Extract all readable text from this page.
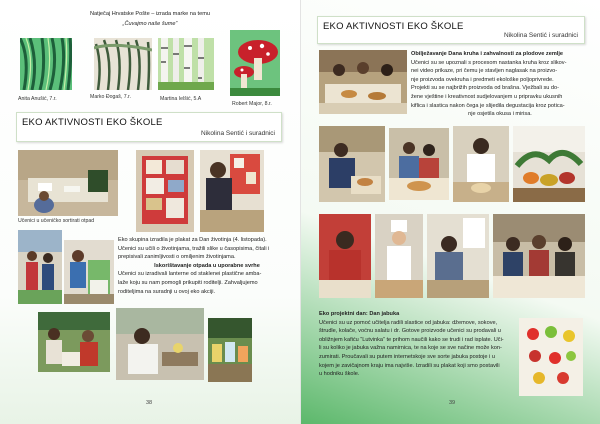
Natječaj Hrvatske Pošte – izrada marke na temu
„Čuvajmo naše šume“
Anita Anušić, 7.r.	Marko Đogaš, 7.r.	Martina Ielšić, 5.A
Robert Major, 8.r.
EKO AKTIVNOSTI EKO ŠKOLE
Nikolina Sentić i suradnici
Učenici u učeničko sortirati otpad
Eko skupina izradila je plakat za Dan životinja (4. listopada).
Učenici su učili o životinjama, tražili slike u časopisima, čitali i
prepisivali zanimljivosti o omiljenim životinjama.
Iskorištavanje otpada u uporabne svrhe
Učenici su izradivali lanterne od staklenei plastične amba-
laže koju su nam pomogli prikupiti roditelji. Zahvaljujemo
roditeljima na suradnji u ovoj eko akciji.
38
EKO AKTIVNOSTI EKO ŠKOLE
Nikolina Sentić i suradnici
Obilježavanje Dana kruha i zahvalnosti za plodove zemlje
Učenici su se upoznali s procesom nastanka kruha kroz slikov-
nei video prikaze, pri čemu je stavljen naglasak na proizvo-
nje proizvoda ovekruha i predmeti ekološke poljoprivrede.
Projekti su se najbrižih proizvoda od brašna. Vježbali su do-
žene vještine i kreativnost sudjelovanjem u pripravku ukusnih
kiflica i slastica nakon čega je slijedila degustacija kroz potica-
nje osjetila okusa i mirisa.
Eko projektni dan: Dan jabuka
Učenici su uz pomoć učitelja radili slastice od jabuka: džemove, sokove,
štrudle, kolače, voćnu salatu i dr. Gotove proizvode učenici su prodavali u
obližnjem kafiću “Lutvinka” te prihom naučili kako se trudi i rad isplate. Uči-
li su koliko je jabuka važna namirnica, te na koje se sve načine može kon-
zumirati. Proučavali su putem internetskoje sve sorte jabuka postoje i u
kojem je zavičajnom kraju ima najviše. Izradili su plakat koji smo postavili
u hodniku škole.
39
